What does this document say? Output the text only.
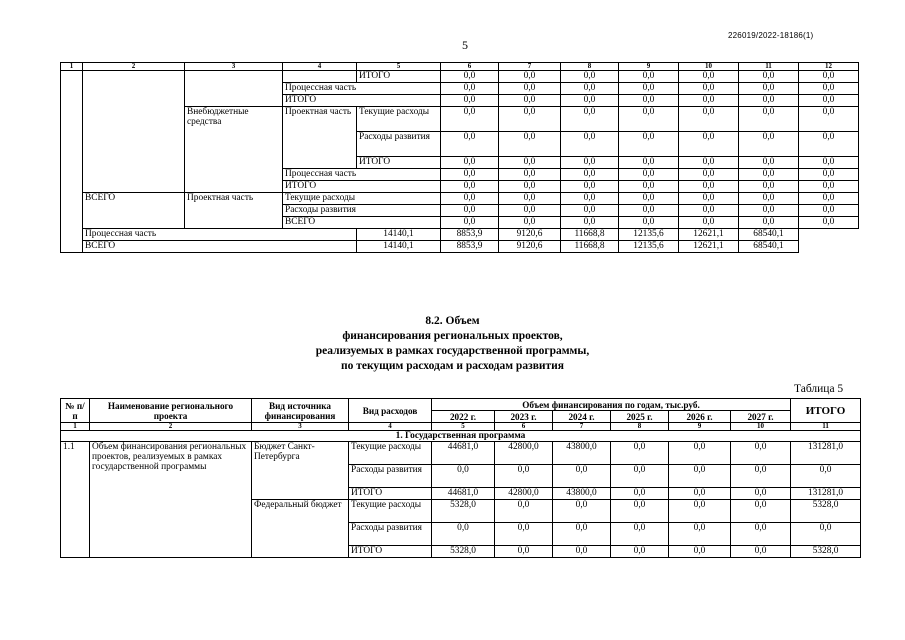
226019/2022-18186(1)
5
1	2	3	4	5	6	7	8	9	10	11	12
				ИТОГО	0,0	0,0	0,0	0,0	0,0	0,0	0,0
			Процессная часть		0,0	0,0	0,0	0,0	0,0	0,0	0,0
			ИТОГО		0,0	0,0	0,0	0,0	0,0	0,0	0,0
		Внебюджетные средства	Проектная часть	Текущие расходы	0,0	0,0	0,0	0,0	0,0	0,0	0,0
				Расходы развития	0,0	0,0	0,0	0,0	0,0	0,0	0,0
				ИТОГО	0,0	0,0	0,0	0,0	0,0	0,0	0,0
			Процессная часть		0,0	0,0	0,0	0,0	0,0	0,0	0,0
			ИТОГО		0,0	0,0	0,0	0,0	0,0	0,0	0,0
	ВСЕГО	Проектная часть	Текущие расходы		0,0	0,0	0,0	0,0	0,0	0,0	0,0
			Расходы развития		0,0	0,0	0,0	0,0	0,0	0,0	0,0
			ВСЕГО		0,0	0,0	0,0	0,0	0,0	0,0	0,0
	Процессная часть			14140,1	8853,9	9120,6	11668,8	12135,6	12621,1	68540,1	
	ВСЕГО			14140,1	8853,9	9120,6	11668,8	12135,6	12621,1	68540,1	
8.2. Объем
финансирования региональных проектов,
реализуемых в рамках государственной программы,
по текущим расходам и расходам развития
Таблица 5
№ п/п	Наименование регионального проекта	Вид источника финансирования	Вид расходов	Объем финансирования по годам, тыс.руб.						ИТОГО
				2022 г.	2023 г.	2024 г.	2025 г.	2026 г.	2027 г.	
1	2	3	4	5	6	7	8	9	10	11
1. Государственная программа										
1.1	Объем финансирования региональных проектов, реализуемых в рамках государственной программы	Бюджет Санкт-Петербурга	Текущие расходы	44681,0	42800,0	43800,0	0,0	0,0	0,0	131281,0
			Расходы развития	0,0	0,0	0,0	0,0	0,0	0,0	0,0
			ИТОГО	44681,0	42800,0	43800,0	0,0	0,0	0,0	131281,0
		Федеральный бюджет	Текущие расходы	5328,0	0,0	0,0	0,0	0,0	0,0	5328,0
			Расходы развития	0,0	0,0	0,0	0,0	0,0	0,0	0,0
			ИТОГО	5328,0	0,0	0,0	0,0	0,0	0,0	5328,0
